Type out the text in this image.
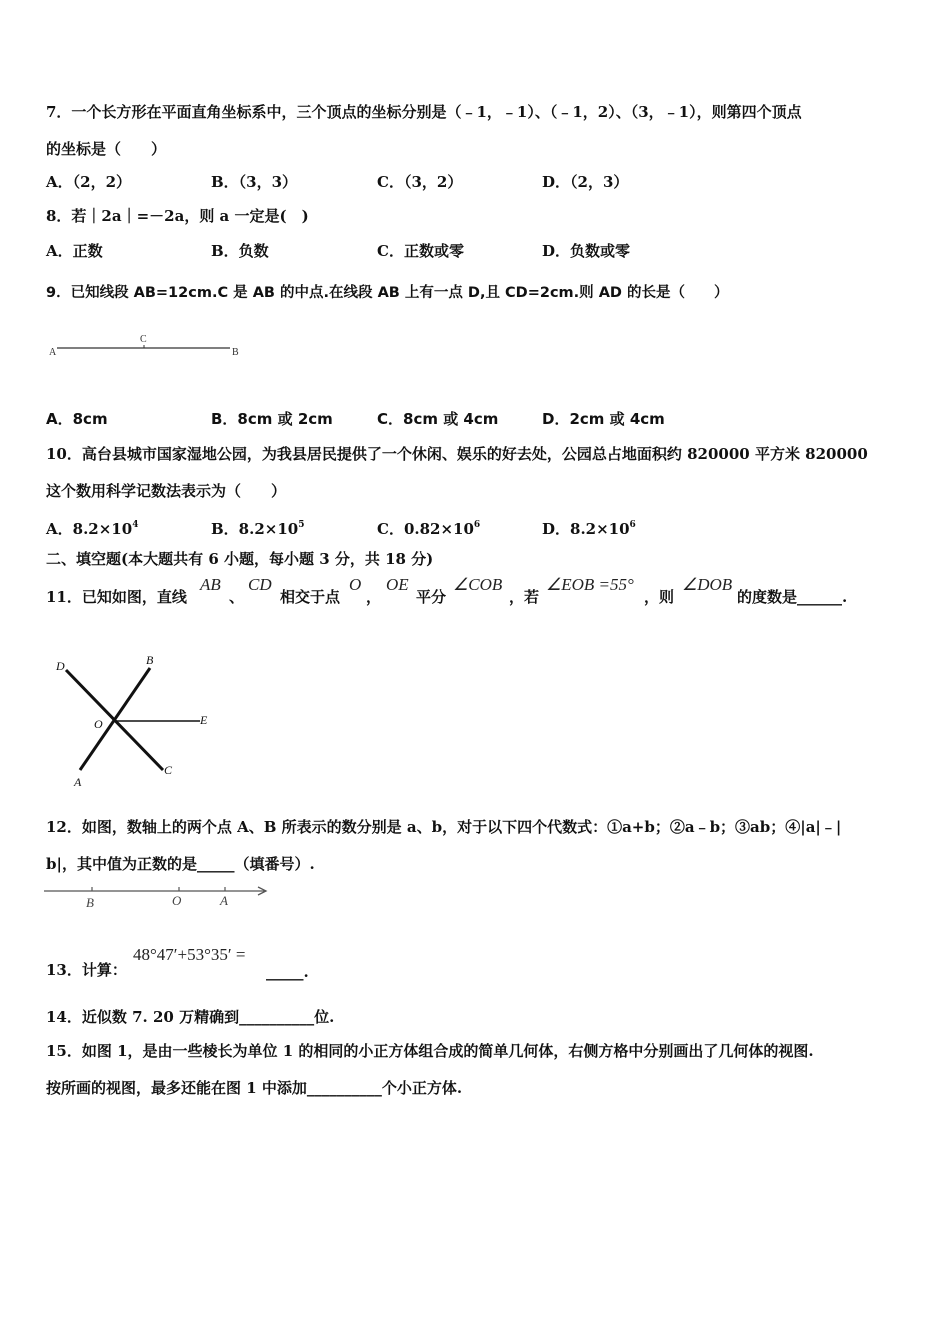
7．一个长方形在平面直角坐标系中，三个顶点的坐标分别是（﹣1，﹣1）、（﹣1，2）、（3，﹣1），则第四个顶点
的坐标是（　　）
A．（2，2）	B．（3，3）	C．（3，2）	D．（2，3）
8．若｜2a｜=－2a，则 a 一定是(　)
A．正数	B．负数	C．正数或零	D．负数或零
9．已知线段 AB=12cm.C 是 AB 的中点.在线段 AB 上有一点 D,且 CD=2cm.则 AD 的长是（　　）
A
C
B
A．8cm	B．8cm 或 2cm	C．8cm 或 4cm	D．2cm 或 4cm
10．高台县城市国家湿地公园，为我县居民提供了一个休闲、娱乐的好去处，公园总占地面积约 820000 平方米 820000
这个数用科学记数法表示为（　　）
A．$8.2\times 10^4$	B．$8.2\times 10^5$	C．$0.82\times 10^6$	D．$8.2\times 10^6$
二、填空题(本大题共有 6 小题，每小题 3 分，共 18 分)
11．已知如图，直线
AB
、
CD
相交于点
O
，
OE
平分
∠COB
，若
∠EOB =55°
，则
∠DOB
的度数是______.
D	B
O	E
A
C
12．如图，数轴上的两个点 A、B 所表示的数分别是 a、b，对于以下四个代数式：①a+b；②a﹣b；③ab；④|a|﹣|
b|，其中值为正数的是_____（填番号）.
B	O	A
13．计算：
48°47′+53°35′ =
_____.
14．近似数 7. 20 万精确到__________位.
15．如图 1，是由一些棱长为单位 1 的相同的小正方体组合成的简单几何体，右侧方格中分别画出了几何体的视图.
按所画的视图，最多还能在图 1 中添加__________个小正方体.
